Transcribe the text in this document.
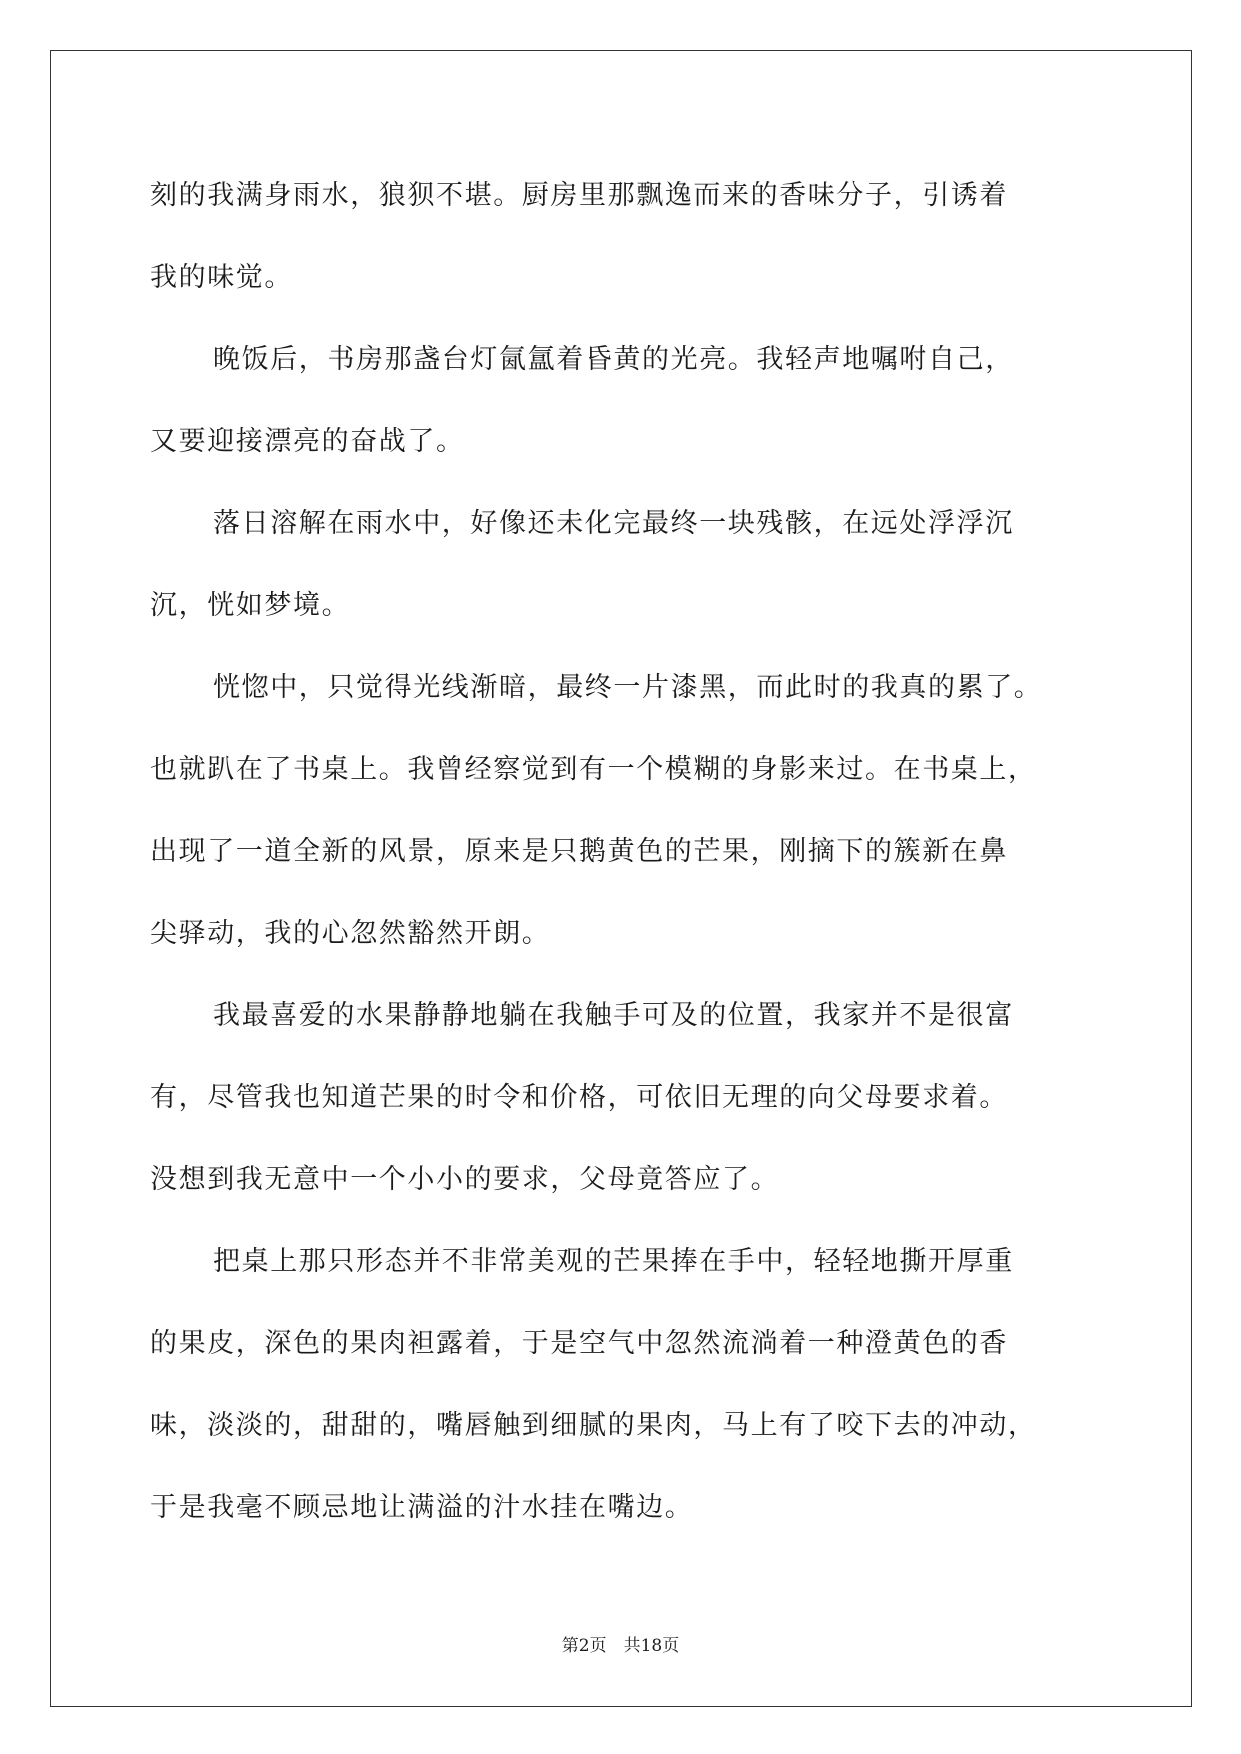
刻的我满身雨水，狼狈不堪。厨房里那飘逸而来的香味分子，引诱着
我的味觉。
晚饭后，书房那盏台灯氤氲着昏黄的光亮。我轻声地嘱咐自己，
又要迎接漂亮的奋战了。
落日溶解在雨水中，好像还未化完最终一块残骸，在远处浮浮沉
沉，恍如梦境。
恍惚中，只觉得光线渐暗，最终一片漆黑，而此时的我真的累了。
也就趴在了书桌上。我曾经察觉到有一个模糊的身影来过。在书桌上，
出现了一道全新的风景，原来是只鹅黄色的芒果，刚摘下的簇新在鼻
尖驿动，我的心忽然豁然开朗。
我最喜爱的水果静静地躺在我触手可及的位置，我家并不是很富
有，尽管我也知道芒果的时令和价格，可依旧无理的向父母要求着。
没想到我无意中一个小小的要求，父母竟答应了。
把桌上那只形态并不非常美观的芒果捧在手中，轻轻地撕开厚重
的果皮，深色的果肉袒露着，于是空气中忽然流淌着一种澄黄色的香
味，淡淡的，甜甜的，嘴唇触到细腻的果肉，马上有了咬下去的冲动，
于是我毫不顾忌地让满溢的汁水挂在嘴边。
第2页　共18页
